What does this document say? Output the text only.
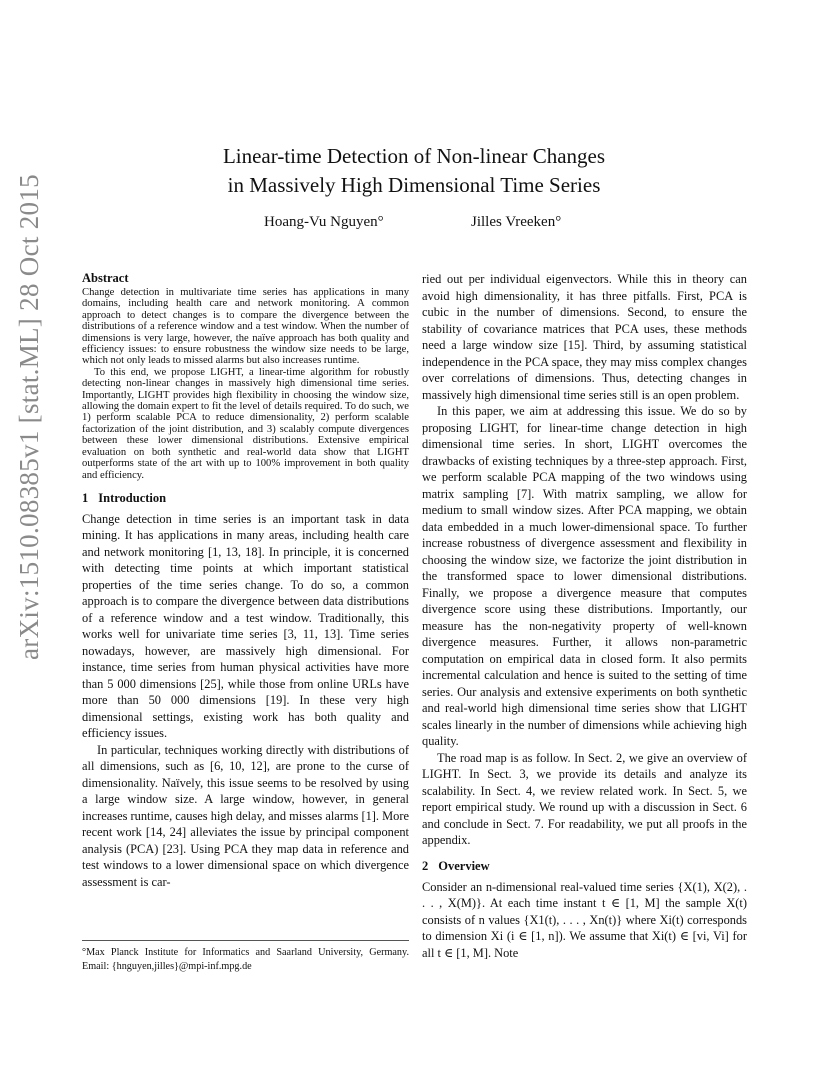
arXiv:1510.08385v1 [stat.ML] 28 Oct 2015
Linear-time Detection of Non-linear Changes
in Massively High Dimensional Time Series
Hoang-Vu Nguyen°	Jilles Vreeken°
Abstract

Change detection in multivariate time series has applications in many domains, including health care and network monitoring. A common approach to detect changes is to compare the divergence between the distributions of a reference window and a test window. When the number of dimensions is very large, however, the naïve approach has both quality and efficiency issues: to ensure robustness the window size needs to be large, which not only leads to missed alarms but also increases runtime.

To this end, we propose LIGHT, a linear-time algorithm for robustly detecting non-linear changes in massively high dimensional time series. Importantly, LIGHT provides high flexibility in choosing the window size, allowing the domain expert to fit the level of details required. To do such, we 1) perform scalable PCA to reduce dimensionality, 2) perform scalable factorization of the joint distribution, and 3) scalably compute divergences between these lower dimensional distributions. Extensive empirical evaluation on both synthetic and real-world data show that LIGHT outperforms state of the art with up to 100% improvement in both quality and efficiency.

1 Introduction

Change detection in time series is an important task in data mining. It has applications in many areas, including health care and network monitoring [1, 13, 18]. In principle, it is concerned with detecting time points at which important statistical properties of the time series change. To do so, a common approach is to compare the divergence between data distributions of a reference window and a test window. Traditionally, this works well for univariate time series [3, 11, 13]. Time series nowadays, however, are massively high dimensional. For instance, time series from human physical activities have more than 5 000 dimensions [25], while those from online URLs have more than 50 000 dimensions [19]. In these very high dimensional settings, existing work has both quality and efficiency issues.

In particular, techniques working directly with distributions of all dimensions, such as [6, 10, 12], are prone to the curse of dimensionality. Naïvely, this issue seems to be resolved by using a large window size. A large window, however, in general increases runtime, causes high delay, and misses alarms [1]. More recent work [14, 24] alleviates the issue by principal component analysis (PCA) [23]. Using PCA they map data in reference and test windows to a lower dimensional space on which divergence assessment is car-

ried out per individual eigenvectors. While this in theory can avoid high dimensionality, it has three pitfalls. First, PCA is cubic in the number of dimensions. Second, to ensure the stability of covariance matrices that PCA uses, these methods need a large window size [15]. Third, by assuming statistical independence in the PCA space, they may miss complex changes over correlations of dimensions. Thus, detecting changes in massively high dimensional time series still is an open problem.

In this paper, we aim at addressing this issue. We do so by proposing LIGHT, for linear-time change detection in high dimensional time series. In short, LIGHT overcomes the drawbacks of existing techniques by a three-step approach. First, we perform scalable PCA mapping of the two windows using matrix sampling [7]. With matrix sampling, we allow for medium to small window sizes. After PCA mapping, we obtain data embedded in a much lower-dimensional space. To further increase robustness of divergence assessment and flexibility in choosing the window size, we factorize the joint distribution in the transformed space to lower dimensional distributions. Finally, we propose a divergence measure that computes divergence score using these distributions. Importantly, our measure has the non-negativity property of well-known divergence measures. Further, it allows non-parametric computation on empirical data in closed form. It also permits incremental calculation and hence is suited to the setting of time series. Our analysis and extensive experiments on both synthetic and real-world high dimensional time series show that LIGHT scales linearly in the number of dimensions while achieving high quality.

The road map is as follow. In Sect. 2, we give an overview of LIGHT. In Sect. 3, we provide its details and analyze its scalability. In Sect. 4, we review related work. In Sect. 5, we report empirical study. We round up with a discussion in Sect. 6 and conclude in Sect. 7. For readability, we put all proofs in the appendix.

2 Overview

Consider an n-dimensional real-valued time series {X(1), X(2), . . . , X(M)}. At each time instant t ∈ [1, M] the sample X(t) consists of n values {X1(t), . . . , Xn(t)} where Xi(t) corresponds to dimension Xi (i ∈ [1, n]). We assume that Xi(t) ∈ [vi, Vi] for all t ∈ [1, M]. Note

°Max Planck Institute for Informatics and Saarland University, Germany. Email: {hnguyen,jilles}@mpi-inf.mpg.de
